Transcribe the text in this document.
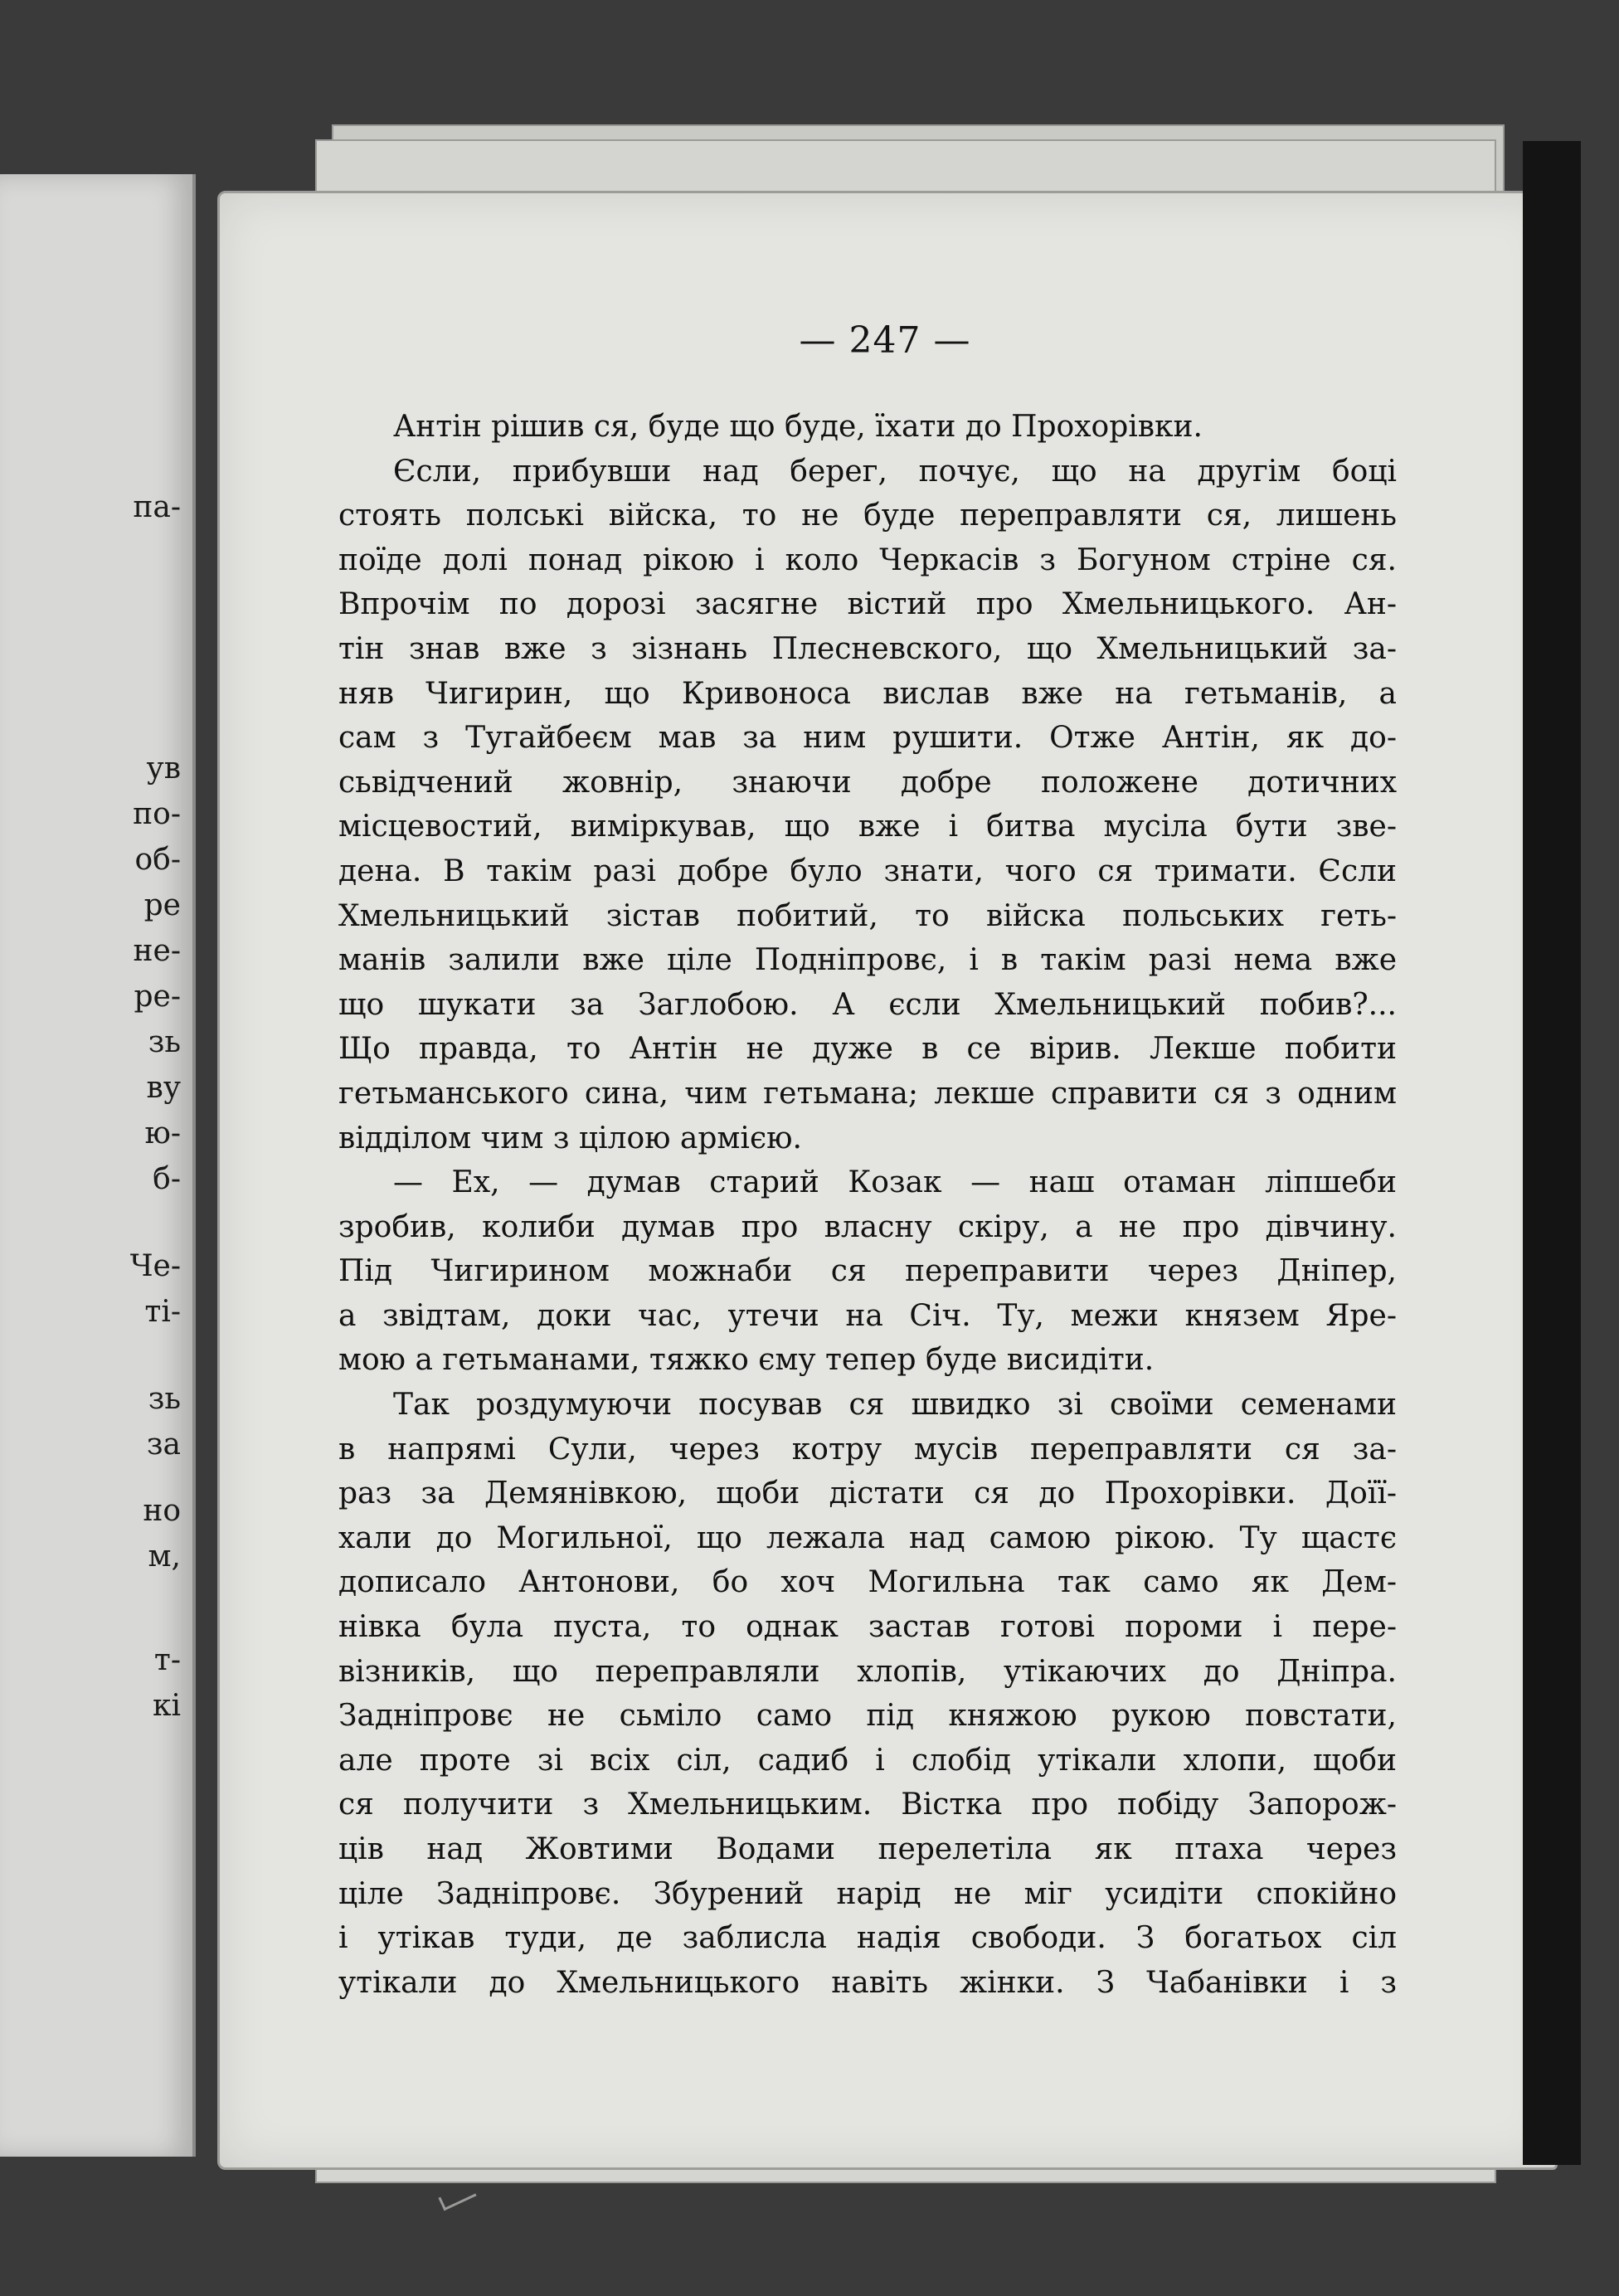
па-
ув
по-
об-
ре
не-
ре-
зь
ву
ю-
б-
Че-
ті-
зь
за
но
м,
т-
кі
— 247 —
Антін рішив ся, буде що буде, їхати до Прохорівки.
Єсли, прибувши над берег, почує, що на другім боці
стоять полські війска, то не буде переправляти ся, лишень
поїде долі понад рікою і коло Черкасів з Богуном стріне ся.
Впрочім по дорозі засягне вістий про Хмельницького. Ан-
тін знав вже з зізнань Плесневского, що Хмельницький за-
няв Чигирин, що Кривоноса вислав вже на гетьманів, а
сам з Тугайбеєм мав за ним рушити. Отже Антін, як до-
сьвідчений жовнір, знаючи добре положене дотичних
місцевостий, виміркував, що вже і битва мусіла бути зве-
дена. В такім разі добре було знати, чого ся тримати. Єсли
Хмельницький зістав побитий, то війска польських геть-
манів залили вже ціле Подніпровє, і в такім разі нема вже
що шукати за Заглобою. А єсли Хмельницький побив?...
Що правда, то Антін не дуже в се вірив. Лекше побити
гетьманського сина, чим гетьмана; лекше справити ся з одним
відділом чим з цілою армією.
— Ех, — думав старий Козак — наш отаман ліпшеби
зробив, колиби думав про власну скіру, а не про дівчину.
Під Чигирином можнаби ся переправити через Дніпер,
а звідтам, доки час, утечи на Січ. Ту, межи князем Яре-
мою а гетьманами, тяжко єму тепер буде висидіти.
Так роздумуючи посував ся швидко зі своїми семенами
в напрямі Сули, через котру мусів переправляти ся за-
раз за Демянівкою, щоби дістати ся до Прохорівки. Доїї-
хали до Могильної, що лежала над самою рікою. Ту щастє
дописало Антонови, бо хоч Могильна так само як Дем-
нівка була пуста, то однак застав готові пороми і пере-
візників, що переправляли хлопів, утікаючих до Дніпра.
Задніпровє не сьміло само під княжою рукою повстати,
але проте зі всіх сіл, садиб і слобід утікали хлопи, щоби
ся получити з Хмельницьким. Вістка про побіду Запорож-
ців над Жовтими Водами перелетіла як птаха через
ціле Задніпровє. Збурений нарід не міг усидіти спокійно
і утікав туди, де заблисла надія свободи. З богатьох сіл
утікали до Хмельницького навіть жінки. З Чабанівки і з
